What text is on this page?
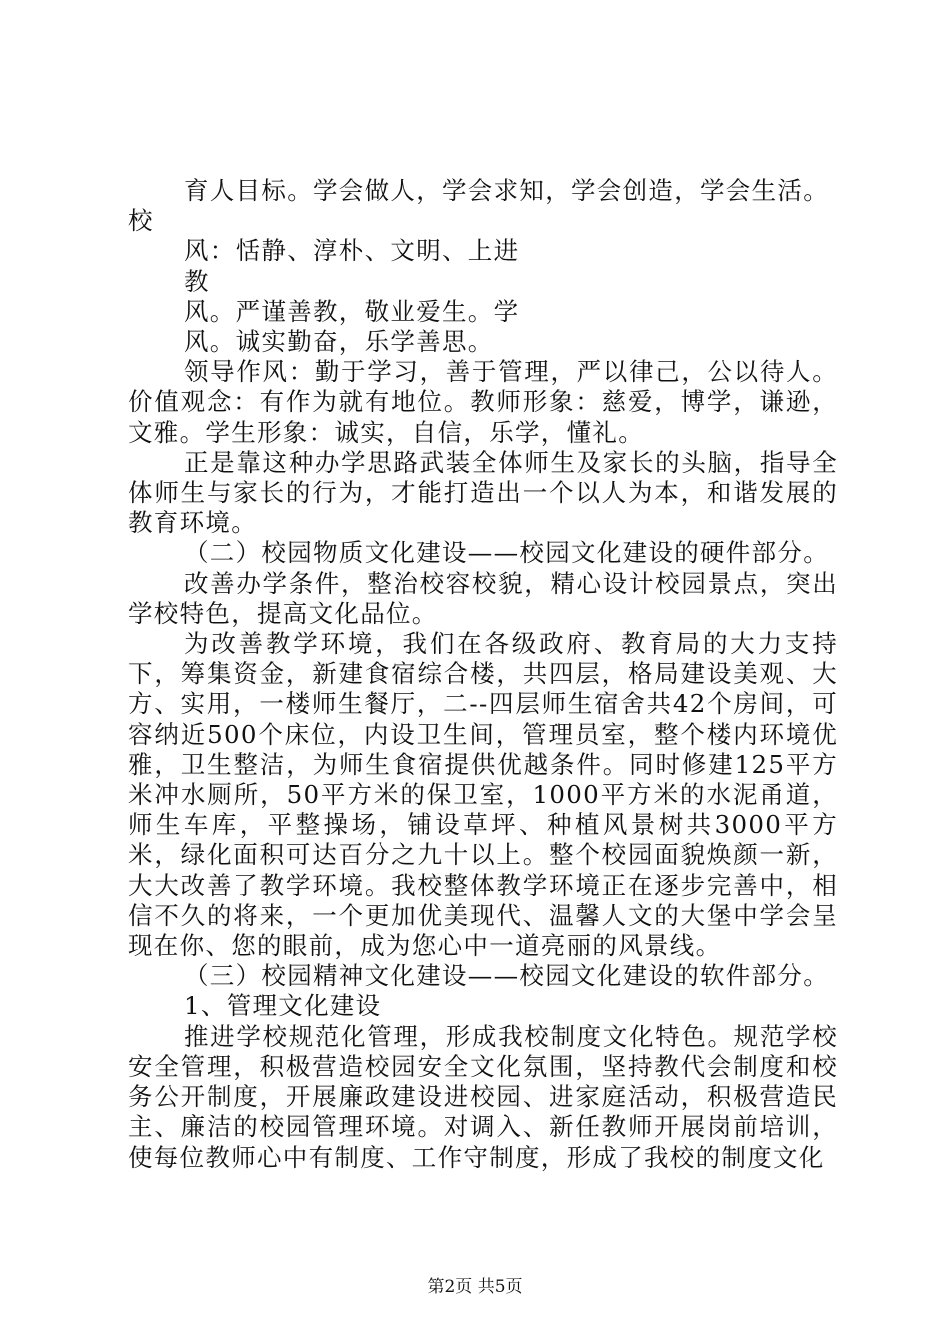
育人目标。学会做人，学会求知，学会创造，学会生活。

校

风：恬静、淳朴、文明、上进

教

风。严谨善教，敬业爱生。学

风。诚实勤奋，乐学善思。

领导作风：勤于学习，善于管理，严以律己，公以待人。价值观念：有作为就有地位。教师形象：慈爱，博学，谦逊，文雅。学生形象：诚实，自信，乐学，懂礼。

正是靠这种办学思路武装全体师生及家长的头脑，指导全体师生与家长的行为，才能打造出一个以人为本，和谐发展的教育环境。

（二）校园物质文化建设——校园文化建设的硬件部分。

改善办学条件，整治校容校貌，精心设计校园景点，突出学校特色，提高文化品位。

为改善教学环境，我们在各级政府、教育局的大力支持下，筹集资金，新建食宿综合楼，共四层，格局建设美观、大方、实用，一楼师生餐厅，二--四层师生宿舍共42个房间，可容纳近500个床位，内设卫生间，管理员室，整个楼内环境优雅，卫生整洁，为师生食宿提供优越条件。同时修建125平方米冲水厕所，50平方米的保卫室，1000平方米的水泥甬道，师生车库，平整操场，铺设草坪、种植风景树共3000平方米，绿化面积可达百分之九十以上。整个校园面貌焕颜一新，大大改善了教学环境。我校整体教学环境正在逐步完善中，相信不久的将来，一个更加优美现代、温馨人文的大堡中学会呈现在你、您的眼前，成为您心中一道亮丽的风景线。

（三）校园精神文化建设——校园文化建设的软件部分。

1、管理文化建设

推进学校规范化管理，形成我校制度文化特色。规范学校安全管理，积极营造校园安全文化氛围，坚持教代会制度和校务公开制度，开展廉政建设进校园、进家庭活动，积极营造民主、廉洁的校园管理环境。对调入、新任教师开展岗前培训，使每位教师心中有制度、工作守制度，形成了我校的制度文化

第2页 共5页
